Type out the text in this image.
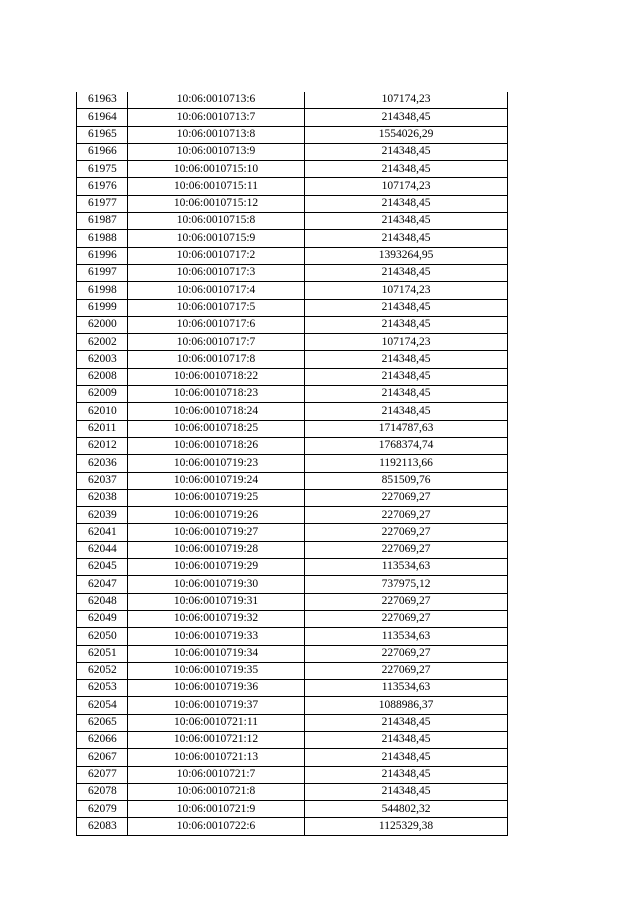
61963	10:06:0010713:6	107174,23
61964	10:06:0010713:7	214348,45
61965	10:06:0010713:8	1554026,29
61966	10:06:0010713:9	214348,45
61975	10:06:0010715:10	214348,45
61976	10:06:0010715:11	107174,23
61977	10:06:0010715:12	214348,45
61987	10:06:0010715:8	214348,45
61988	10:06:0010715:9	214348,45
61996	10:06:0010717:2	1393264,95
61997	10:06:0010717:3	214348,45
61998	10:06:0010717:4	107174,23
61999	10:06:0010717:5	214348,45
62000	10:06:0010717:6	214348,45
62002	10:06:0010717:7	107174,23
62003	10:06:0010717:8	214348,45
62008	10:06:0010718:22	214348,45
62009	10:06:0010718:23	214348,45
62010	10:06:0010718:24	214348,45
62011	10:06:0010718:25	1714787,63
62012	10:06:0010718:26	1768374,74
62036	10:06:0010719:23	1192113,66
62037	10:06:0010719:24	851509,76
62038	10:06:0010719:25	227069,27
62039	10:06:0010719:26	227069,27
62041	10:06:0010719:27	227069,27
62044	10:06:0010719:28	227069,27
62045	10:06:0010719:29	113534,63
62047	10:06:0010719:30	737975,12
62048	10:06:0010719:31	227069,27
62049	10:06:0010719:32	227069,27
62050	10:06:0010719:33	113534,63
62051	10:06:0010719:34	227069,27
62052	10:06:0010719:35	227069,27
62053	10:06:0010719:36	113534,63
62054	10:06:0010719:37	1088986,37
62065	10:06:0010721:11	214348,45
62066	10:06:0010721:12	214348,45
62067	10:06:0010721:13	214348,45
62077	10:06:0010721:7	214348,45
62078	10:06:0010721:8	214348,45
62079	10:06:0010721:9	544802,32
62083	10:06:0010722:6	1125329,38
